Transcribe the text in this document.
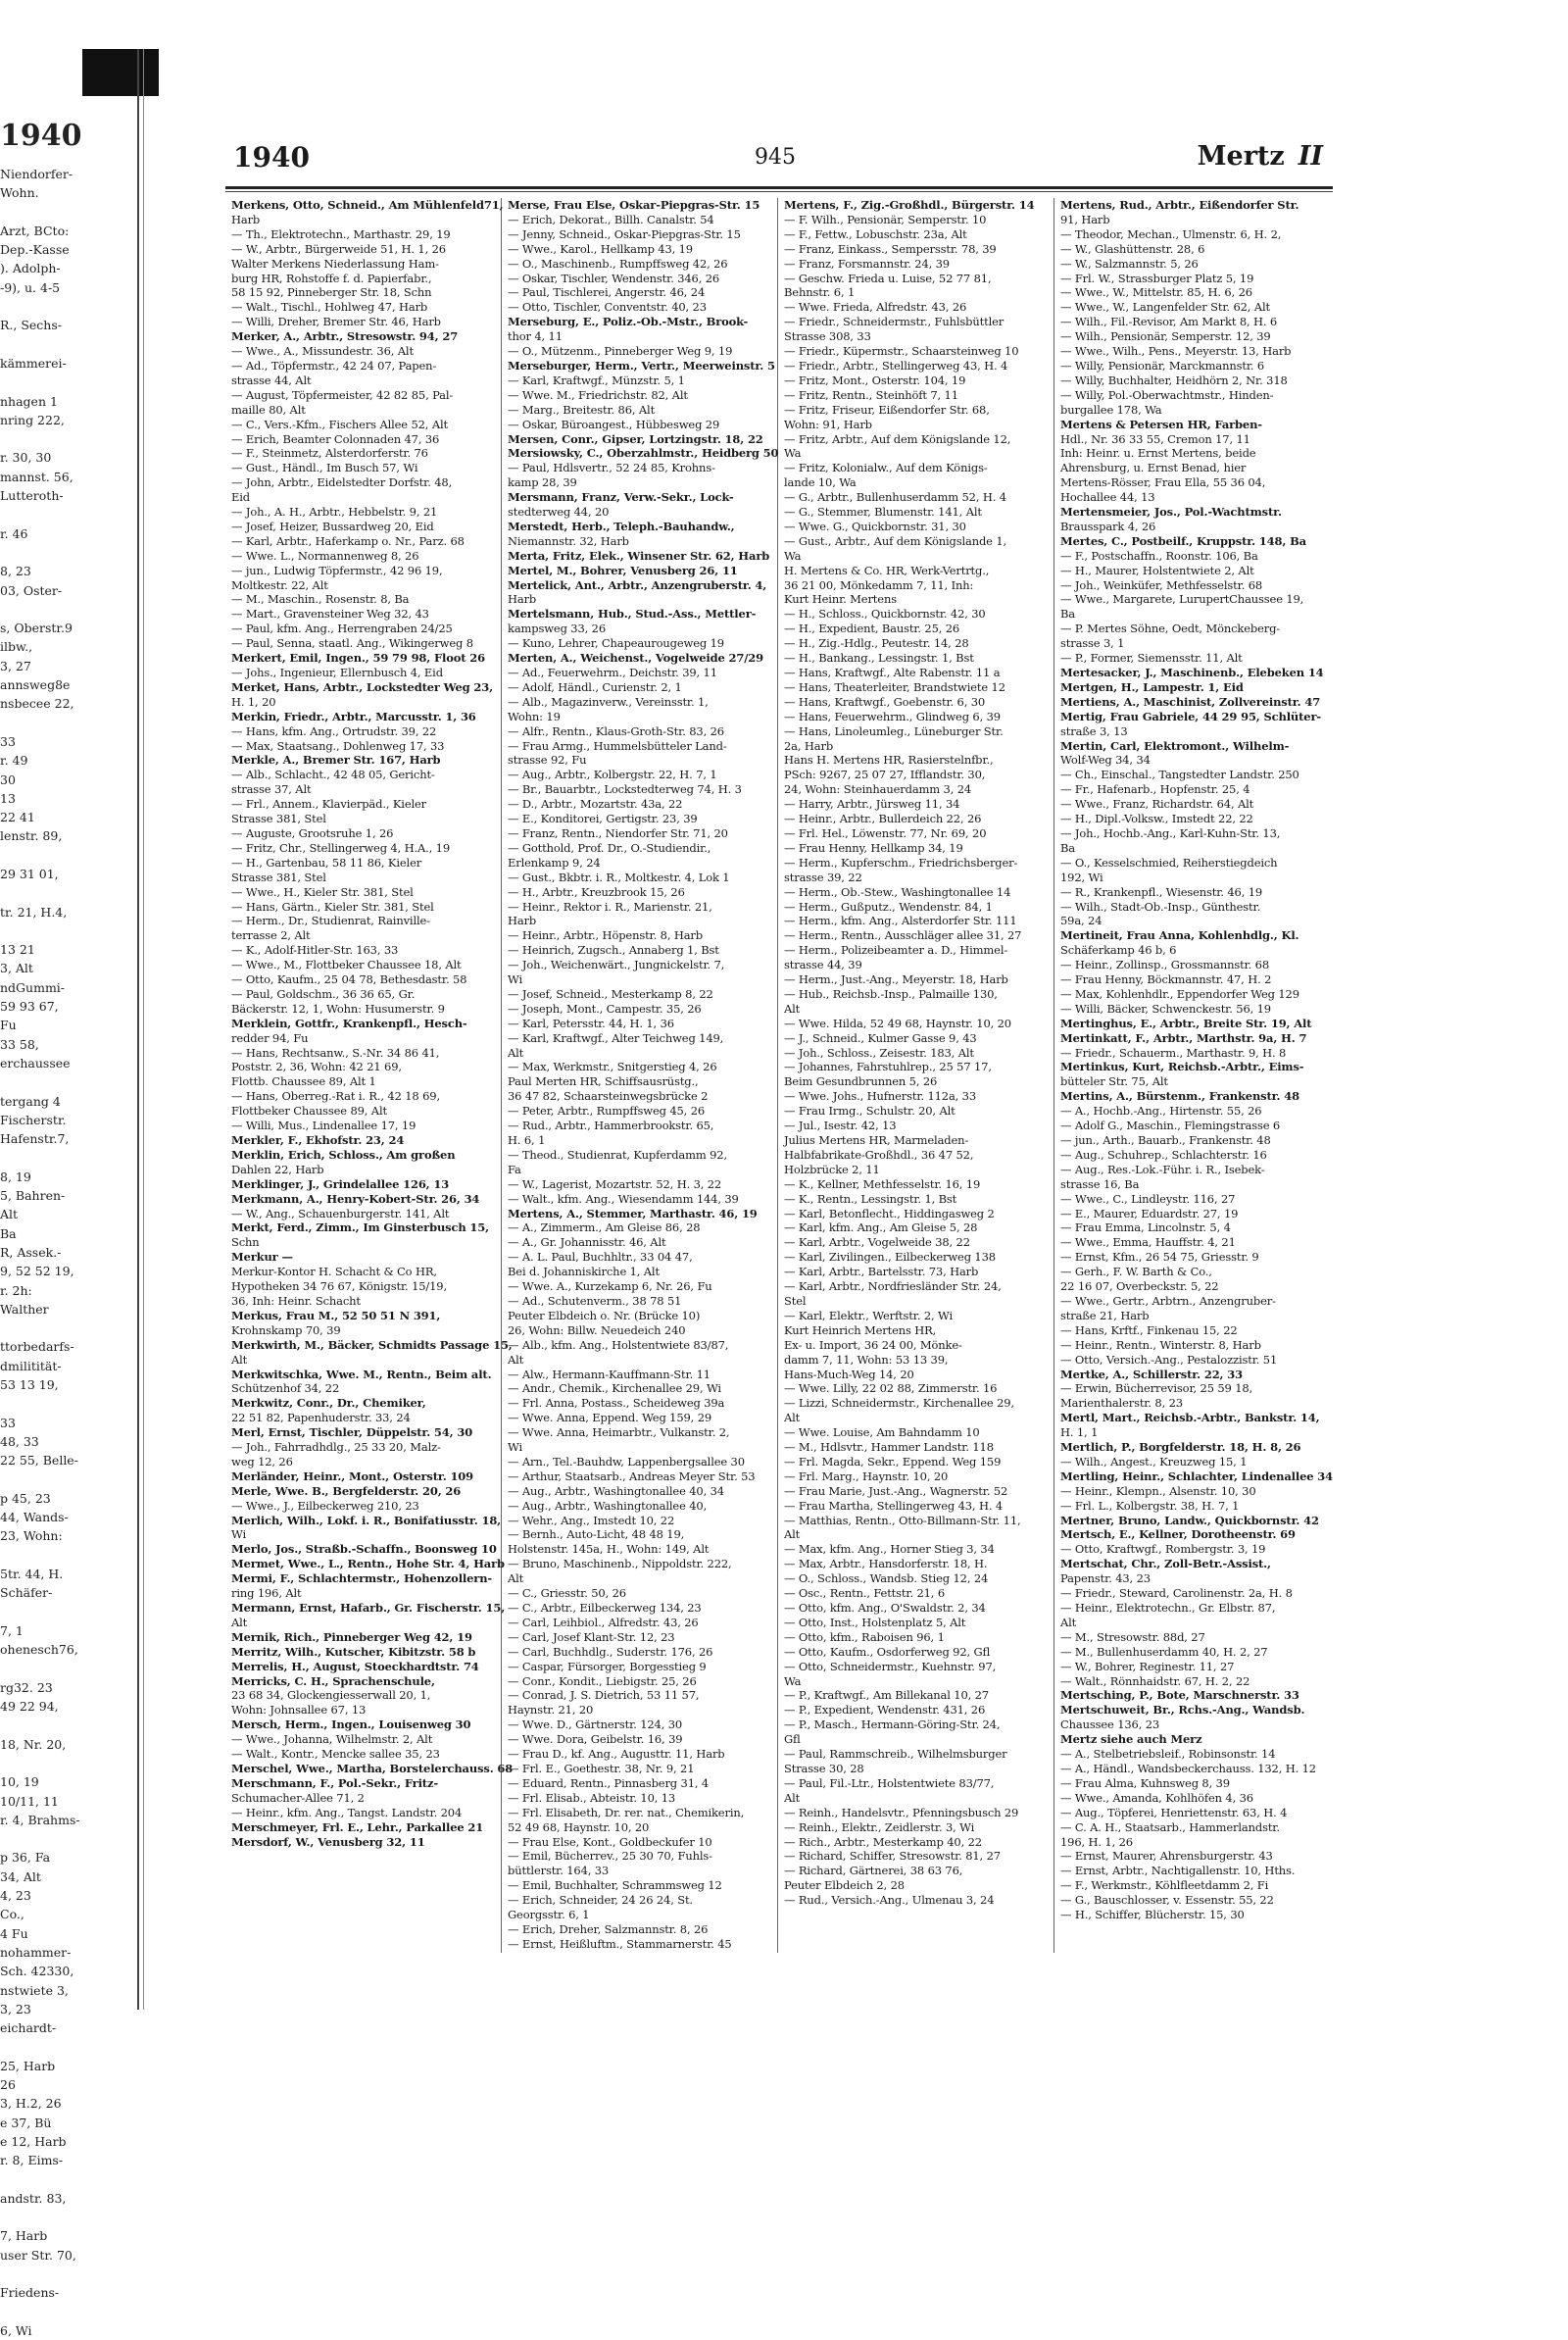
1940
Niendorfer-
Wohn.

Arzt, BCto:
Dep.-Kasse
). Adolph-
-9), u. 4-5

R., Sechs-

kämmerei-

nhagen 1
nring 222,

r. 30, 30
mannst. 56,
Lutteroth-

r. 46

8, 23
03, Oster-

s, Oberstr.9
ilbw.,
3, 27
annsweg8e
nsbecee 22,

33
r. 49
30
13
22 41
lenstr. 89,

29 31 01,

tr. 21, H.4,

13 21
3, Alt
ndGummi-
59 93 67,
Fu
33 58,
erchaussee

tergang 4
Fischerstr.
Hafenstr.7,

8, 19
5, Bahren-
Alt
Ba
R, Assek.-
9, 52 52 19,
r. 2h:
Walther

ttorbedarfs-
dmilitität-
53 13 19,

33
48, 33
22 55, Belle-

p 45, 23
44, Wands-
23, Wohn:

5tr. 44, H.
Schäfer-

7, 1
ohenesch76,

rg32. 23
49 22 94,

18, Nr. 20,

10, 19
10/11, 11
r. 4, Brahms-

p 36, Fa
34, Alt
4, 23
Co.,
4 Fu
nohammer-
Sch. 42330,
nstwiete 3,
3, 23
eichardt-

25, Harb
26
3, H.2, 26
e 37, Bü
e 12, Harb
r. 8, Eims-

andstr. 83,

7, Harb
user Str. 70,

Friedens-

6, Wi
1940	945	Mertz II
Merkens, Otto, Schneid., Am Mühlenfeld71,
Harb
— Th., Elektrotechn., Marthastr. 29, 19
— W., Arbtr., Bürgerweide 51, H. 1, 26
Walter Merkens Niederlassung Ham-
burg HR, Rohstoffe f. d. Papierfabr.,
58 15 92, Pinneberger Str. 18, Schn
— Walt., Tischl., Hohlweg 47, Harb
— Willi, Dreher, Bremer Str. 46, Harb
Merker, A., Arbtr., Stresowstr. 94, 27
— Wwe., A., Missundestr. 36, Alt
— Ad., Töpfermstr., 42 24 07, Papen-
strasse 44, Alt
— August, Töpfermeister, 42 82 85, Pal-
maille 80, Alt
— C., Vers.-Kfm., Fischers Allee 52, Alt
— Erich, Beamter Colonnaden 47, 36
— F., Steinmetz, Alsterdorferstr. 76
— Gust., Händl., Im Busch 57, Wi
— John, Arbtr., Eidelstedter Dorfstr. 48,
Eid
— Joh., A. H., Arbtr., Hebbelstr. 9, 21
— Josef, Heizer, Bussardweg 20, Eid
— Karl, Arbtr., Haferkamp o. Nr., Parz. 68
— Wwe. L., Normannenweg 8, 26
— jun., Ludwig Töpfermstr., 42 96 19,
Moltkestr. 22, Alt
— M., Maschin., Rosenstr. 8, Ba
— Mart., Gravensteiner Weg 32, 43
— Paul, kfm. Ang., Herrengraben 24/25
— Paul, Senna, staatl. Ang., Wikingerweg 8
Merkert, Emil, Ingen., 59 79 98, Floot 26
— Johs., Ingenieur, Ellernbusch 4, Eid
Merket, Hans, Arbtr., Lockstedter Weg 23,
H. 1, 20
Merkin, Friedr., Arbtr., Marcusstr. 1, 36
— Hans, kfm. Ang., Ortrudstr. 39, 22
— Max, Staatsang., Dohlenweg 17, 33
Merkle, A., Bremer Str. 167, Harb
— Alb., Schlacht., 42 48 05, Gericht-
strasse 37, Alt
— Frl., Annem., Klavierpäd., Kieler
Strasse 381, Stel
— Auguste, Grootsruhe 1, 26
— Fritz, Chr., Stellingerweg 4, H.A., 19
— H., Gartenbau, 58 11 86, Kieler
Strasse 381, Stel
— Wwe., H., Kieler Str. 381, Stel
— Hans, Gärtn., Kieler Str. 381, Stel
— Herm., Dr., Studienrat, Rainville-
terrasse 2, Alt
— K., Adolf-Hitler-Str. 163, 33
— Wwe., M., Flottbeker Chaussee 18, Alt
— Otto, Kaufm., 25 04 78, Bethesdastr. 58
— Paul, Goldschm., 36 36 65, Gr.
Bäckerstr. 12, 1, Wohn: Husumerstr. 9
Merklein, Gottfr., Krankenpfl., Hesch-
redder 94, Fu
— Hans, Rechtsanw., S.-Nr. 34 86 41,
Poststr. 2, 36, Wohn: 42 21 69,
Flottb. Chaussee 89, Alt 1
— Hans, Oberreg.-Rat i. R., 42 18 69,
Flottbeker Chaussee 89, Alt
— Willi, Mus., Lindenallee 17, 19
Merkler, F., Ekhofstr. 23, 24
Merklin, Erich, Schloss., Am großen
Dahlen 22, Harb
Merklinger, J., Grindelallee 126, 13
Merkmann, A., Henry-Kobert-Str. 26, 34
— W., Ang., Schauenburgerstr. 141, Alt
Merkt, Ferd., Zimm., Im Ginsterbusch 15,
Schn
Merkur —
Merkur-Kontor H. Schacht & Co HR,
Hypotheken 34 76 67, Königstr. 15/19,
36, Inh: Heinr. Schacht
Merkus, Frau M., 52 50 51 N 391,
Krohnskamp 70, 39
Merkwirth, M., Bäcker, Schmidts Passage 15,
Alt
Merkwitschka, Wwe. M., Rentn., Beim alt.
Schützenhof 34, 22
Merkwitz, Conr., Dr., Chemiker,
22 51 82, Papenhuderstr. 33, 24
Merl, Ernst, Tischler, Düppelstr. 54, 30
— Joh., Fahrradhdlg., 25 33 20, Malz-
weg 12, 26
Merländer, Heinr., Mont., Osterstr. 109
Merle, Wwe. B., Bergfelderstr. 20, 26
— Wwe., J., Eilbeckerweg 210, 23
Merlich, Wilh., Lokf. i. R., Bonifatiusstr. 18,
Wi
Merlo, Jos., Straßb.-Schaffn., Boonsweg 10
Mermet, Wwe., L., Rentn., Hohe Str. 4, Harb
Mermi, F., Schlachtermstr., Hohenzollern-
ring 196, Alt
Mermann, Ernst, Hafarb., Gr. Fischerstr. 15,
Alt
Mernik, Rich., Pinneberger Weg 42, 19
Merritz, Wilh., Kutscher, Kibitzstr. 58 b
Merrelis, H., August, Stoeckhardtstr. 74
Merricks, C. H., Sprachenschule,
23 68 34, Glockengiesserwall 20, 1,
Wohn: Johnsallee 67, 13
Mersch, Herm., Ingen., Louisenweg 30
— Wwe., Johanna, Wilhelmstr. 2, Alt
— Walt., Kontr., Mencke sallee 35, 23
Merschel, Wwe., Martha, Borstelerchauss. 68
Merschmann, F., Pol.-Sekr., Fritz-
Schumacher-Allee 71, 2
— Heinr., kfm. Ang., Tangst. Landstr. 204
Merschmeyer, Frl. E., Lehr., Parkallee 21
Mersdorf, W., Venusberg 32, 11
Merse, Frau Else, Oskar-Piepgras-Str. 15
— Erich, Dekorat., Billh. Canalstr. 54
— Jenny, Schneid., Oskar-Piepgras-Str. 15
— Wwe., Karol., Hellkamp 43, 19
— O., Maschinenb., Rumpffsweg 42, 26
— Oskar, Tischler, Wendenstr. 346, 26
— Paul, Tischlerei, Angerstr. 46, 24
— Otto, Tischler, Conventstr. 40, 23
Merseburg, E., Poliz.-Ob.-Mstr., Brook-
thor 4, 11
— O., Mützenm., Pinneberger Weg 9, 19
Merseburger, Herm., Vertr., Meerweinstr. 5
— Karl, Kraftwgf., Münzstr. 5, 1
— Wwe. M., Friedrichstr. 82, Alt
— Marg., Breitestr. 86, Alt
— Oskar, Büroangest., Hübbesweg 29
Mersen, Conr., Gipser, Lortzingstr. 18, 22
Mersiowsky, C., Oberzahlmstr., Heidberg 50
— Paul, Hdlsvertr., 52 24 85, Krohns-
kamp 28, 39
Mersmann, Franz, Verw.-Sekr., Lock-
stedterweg 44, 20
Merstedt, Herb., Teleph.-Bauhandw.,
Niemannstr. 32, Harb
Merta, Fritz, Elek., Winsener Str. 62, Harb
Mertel, M., Bohrer, Venusberg 26, 11
Mertelick, Ant., Arbtr., Anzengruberstr. 4,
Harb
Mertelsmann, Hub., Stud.-Ass., Mettler-
kampsweg 33, 26
— Kuno, Lehrer, Chapeaurougeweg 19
Merten, A., Weichenst., Vogelweide 27/29
— Ad., Feuerwehrm., Deichstr. 39, 11
— Adolf, Händl., Curienstr. 2, 1
— Alb., Magazinverw., Vereinsstr. 1,
Wohn: 19
— Alfr., Rentn., Klaus-Groth-Str. 83, 26
— Frau Armg., Hummelsbütteler Land-
strasse 92, Fu
— Aug., Arbtr., Kolbergstr. 22, H. 7, 1
— Br., Bauarbtr., Lockstedterweg 74, H. 3
— D., Arbtr., Mozartstr. 43a, 22
— E., Konditorei, Gertigstr. 23, 39
— Franz, Rentn., Niendorfer Str. 71, 20
— Gotthold, Prof. Dr., O.-Studiendir.,
Erlenkamp 9, 24
— Gust., Bkbtr. i. R., Moltkestr. 4, Lok 1
— H., Arbtr., Kreuzbrook 15, 26
— Heinr., Rektor i. R., Marienstr. 21,
Harb
— Heinr., Arbtr., Höpenstr. 8, Harb
— Heinrich, Zugsch., Annaberg 1, Bst
— Joh., Weichenwärt., Jungnickelstr. 7,
Wi
— Josef, Schneid., Mesterkamp 8, 22
— Joseph, Mont., Campestr. 35, 26
— Karl, Petersstr. 44, H. 1, 36
— Karl, Kraftwgf., Alter Teichweg 149,
Alt
— Max, Werkmstr., Snitgerstieg 4, 26
Paul Merten HR, Schiffsausrüstg.,
36 47 82, Schaarsteinwegsbrücke 2
— Peter, Arbtr., Rumpffsweg 45, 26
— Rud., Arbtr., Hammerbrookstr. 65,
H. 6, 1
— Theod., Studienrat, Kupferdamm 92,
Fa
— W., Lagerist, Mozartstr. 52, H. 3, 22
— Walt., kfm. Ang., Wiesendamm 144, 39
Mertens, A., Stemmer, Marthastr. 46, 19
— A., Zimmerm., Am Gleise 86, 28
— A., Gr. Johannisstr. 46, Alt
— A. L. Paul, Buchhltr., 33 04 47,
Bei d. Johanniskirche 1, Alt
— Wwe. A., Kurzekamp 6, Nr. 26, Fu
— Ad., Schutenverm., 38 78 51
Peuter Elbdeich o. Nr. (Brücke 10)
26, Wohn: Billw. Neuedeich 240
— Alb., kfm. Ang., Holstentwiete 83/87,
Alt
— Alw., Hermann-Kauffmann-Str. 11
— Andr., Chemik., Kirchenallee 29, Wi
— Frl. Anna, Postass., Scheideweg 39a
— Wwe. Anna, Eppend. Weg 159, 29
— Wwe. Anna, Heimarbtr., Vulkanstr. 2,
Wi
— Arn., Tel.-Bauhdw, Lappenbergsallee 30
— Arthur, Staatsarb., Andreas Meyer Str. 53
— Aug., Arbtr., Washingtonallee 40, 34
— Aug., Arbtr., Washingtonallee 40,
— Wehr., Ang., Imstedt 10, 22
— Bernh., Auto-Licht, 48 48 19,
Holstenstr. 145a, H., Wohn: 149, Alt
— Bruno, Maschinenb., Nippoldstr. 222,
Alt
— C., Griesstr. 50, 26
— C., Arbtr., Eilbeckerweg 134, 23
— Carl, Leihbiol., Alfredstr. 43, 26
— Carl, Josef Klant-Str. 12, 23
— Carl, Buchhdlg., Suderstr. 176, 26
— Caspar, Fürsorger, Borgesstieg 9
— Conr., Kondit., Liebigstr. 25, 26
— Conrad, J. S. Dietrich, 53 11 57,
Haynstr. 21, 20
— Wwe. D., Gärtnerstr. 124, 30
— Wwe. Dora, Geibelstr. 16, 39
— Frau D., kf. Ang., Augusttr. 11, Harb
— Frl. E., Goethestr. 38, Nr. 9, 21
— Eduard, Rentn., Pinnasberg 31, 4
— Frl. Elisab., Abteistr. 10, 13
— Frl. Elisabeth, Dr. rer. nat., Chemikerin,
52 49 68, Haynstr. 10, 20
— Frau Else, Kont., Goldbeckufer 10
— Emil, Bücherrev., 25 30 70, Fuhls-
büttlerstr. 164, 33
— Emil, Buchhalter, Schrammsweg 12
— Erich, Schneider, 24 26 24, St.
Georgsstr. 6, 1
— Erich, Dreher, Salzmannstr. 8, 26
— Ernst, Heißluftm., Stammarnerstr. 45
Mertens, F., Zig.-Großhdl., Bürgerstr. 14
— F. Wilh., Pensionär, Semperstr. 10
— F., Fettw., Lobuschstr. 23a, Alt
— Franz, Einkass., Sempersstr. 78, 39
— Franz, Forsmannstr. 24, 39
— Geschw. Frieda u. Luise, 52 77 81,
Behnstr. 6, 1
— Wwe. Frieda, Alfredstr. 43, 26
— Friedr., Schneidermstr., Fuhlsbüttler
Strasse 308, 33
— Friedr., Küpermstr., Schaarsteinweg 10
— Friedr., Arbtr., Stellingerweg 43, H. 4
— Fritz, Mont., Osterstr. 104, 19
— Fritz, Rentn., Steinhöft 7, 11
— Fritz, Friseur, Eißendorfer Str. 68,
Wohn: 91, Harb
— Fritz, Arbtr., Auf dem Königslande 12,
Wa
— Fritz, Kolonialw., Auf dem Königs-
lande 10, Wa
— G., Arbtr., Bullenhuserdamm 52, H. 4
— G., Stemmer, Blumenstr. 141, Alt
— Wwe. G., Quickbornstr. 31, 30
— Gust., Arbtr., Auf dem Königslande 1,
Wa
H. Mertens & Co. HR, Werk-Vertrtg.,
36 21 00, Mönkedamm 7, 11, Inh:
Kurt Heinr. Mertens
— H., Schloss., Quickbornstr. 42, 30
— H., Expedient, Baustr. 25, 26
— H., Zig.-Hdlg., Peutestr. 14, 28
— H., Bankang., Lessingstr. 1, Bst
— Hans, Kraftwgf., Alte Rabenstr. 11 a
— Hans, Theaterleiter, Brandstwiete 12
— Hans, Kraftwgf., Goebenstr. 6, 30
— Hans, Feuerwehrm., Glindweg 6, 39
— Hans, Linoleumleg., Lüneburger Str.
2a, Harb
Hans H. Mertens HR, Rasierstelnfbr.,
PSch: 9267, 25 07 27, Ifflandstr. 30,
24, Wohn: Steinhauerdamm 3, 24
— Harry, Arbtr., Jürsweg 11, 34
— Heinr., Arbtr., Bullerdeich 22, 26
— Frl. Hel., Löwenstr. 77, Nr. 69, 20
— Frau Henny, Hellkamp 34, 19
— Herm., Kupferschm., Friedrichsberger-
strasse 39, 22
— Herm., Ob.-Stew., Washingtonallee 14
— Herm., Gußputz., Wendenstr. 84, 1
— Herm., kfm. Ang., Alsterdorfer Str. 111
— Herm., Rentn., Ausschläger allee 31, 27
— Herm., Polizeibeamter a. D., Himmel-
strasse 44, 39
— Herm., Just.-Ang., Meyerstr. 18, Harb
— Hub., Reichsb.-Insp., Palmaille 130,
Alt
— Wwe. Hilda, 52 49 68, Haynstr. 10, 20
— J., Schneid., Kulmer Gasse 9, 43
— Joh., Schloss., Zeisestr. 183, Alt
— Johannes, Fahrstuhlrep., 25 57 17,
Beim Gesundbrunnen 5, 26
— Wwe. Johs., Hufnerstr. 112a, 33
— Frau Irmg., Schulstr. 20, Alt
— Jul., Isestr. 42, 13
Julius Mertens HR, Marmeladen-
Halbfabrikate-Großhdl., 36 47 52,
Holzbrücke 2, 11
— K., Kellner, Methfesselstr. 16, 19
— K., Rentn., Lessingstr. 1, Bst
— Karl, Betonflecht., Hiddingasweg 2
— Karl, kfm. Ang., Am Gleise 5, 28
— Karl, Arbtr., Vogelweide 38, 22
— Karl, Zivilingen., Eilbeckerweg 138
— Karl, Arbtr., Bartelsstr. 73, Harb
— Karl, Arbtr., Nordfriesländer Str. 24,
Stel
— Karl, Elektr., Werftstr. 2, Wi
Kurt Heinrich Mertens HR,
Ex- u. Import, 36 24 00, Mönke-
damm 7, 11, Wohn: 53 13 39,
Hans-Much-Weg 14, 20
— Wwe. Lilly, 22 02 88, Zimmerstr. 16
— Lizzi, Schneidermstr., Kirchenallee 29,
Alt
— Wwe. Louise, Am Bahndamm 10
— M., Hdlsvtr., Hammer Landstr. 118
— Frl. Magda, Sekr., Eppend. Weg 159
— Frl. Marg., Haynstr. 10, 20
— Frau Marie, Just.-Ang., Wagnerstr. 52
— Frau Martha, Stellingerweg 43, H. 4
— Matthias, Rentn., Otto-Billmann-Str. 11,
Alt
— Max, kfm. Ang., Horner Stieg 3, 34
— Max, Arbtr., Hansdorferstr. 18, H.
— O., Schloss., Wandsb. Stieg 12, 24
— Osc., Rentn., Fettstr. 21, 6
— Otto, kfm. Ang., O'Swaldstr. 2, 34
— Otto, Inst., Holstenplatz 5, Alt
— Otto, kfm., Raboisen 96, 1
— Otto, Kaufm., Osdorferweg 92, Gfl
— Otto, Schneidermstr., Kuehnstr. 97,
Wa
— P., Kraftwgf., Am Billekanal 10, 27
— P., Expedient, Wendenstr. 431, 26
— P., Masch., Hermann-Göring-Str. 24,
Gfl
— Paul, Rammschreib., Wilhelmsburger
Strasse 30, 28
— Paul, Fil.-Ltr., Holstentwiete 83/77,
Alt
— Reinh., Handelsvtr., Pfenningsbusch 29
— Reinh., Elektr., Zeidlerstr. 3, Wi
— Rich., Arbtr., Mesterkamp 40, 22
— Richard, Schiffer, Stresowstr. 81, 27
— Richard, Gärtnerei, 38 63 76,
Peuter Elbdeich 2, 28
— Rud., Versich.-Ang., Ulmenau 3, 24
Mertens, Rud., Arbtr., Eißendorfer Str.
91, Harb
— Theodor, Mechan., Ulmenstr. 6, H. 2,
— W., Glashüttenstr. 28, 6
— W., Salzmannstr. 5, 26
— Frl. W., Strassburger Platz 5, 19
— Wwe., W., Mittelstr. 85, H. 6, 26
— Wwe., W., Langenfelder Str. 62, Alt
— Wilh., Fil.-Revisor, Am Markt 8, H. 6
— Wilh., Pensionär, Semperstr. 12, 39
— Wwe., Wilh., Pens., Meyerstr. 13, Harb
— Willy, Pensionär, Marckmannstr. 6
— Willy, Buchhalter, Heidhörn 2, Nr. 318
— Willy, Pol.-Oberwachtmstr., Hinden-
burgallee 178, Wa
Mertens & Petersen HR, Farben-
Hdl., Nr. 36 33 55, Cremon 17, 11
Inh: Heinr. u. Ernst Mertens, beide
Ahrensburg, u. Ernst Benad, hier
Mertens-Rösser, Frau Ella, 55 36 04,
Hochallee 44, 13
Mertensmeier, Jos., Pol.-Wachtmstr.
Brausspark 4, 26
Mertes, C., Postbeilf., Kruppstr. 148, Ba
— F., Postschaffn., Roonstr. 106, Ba
— H., Maurer, Holstentwiete 2, Alt
— Joh., Weinküfer, Methfesselstr. 68
— Wwe., Margarete, LurupertChaussee 19,
Ba
— P. Mertes Söhne, Oedt, Mönckeberg-
strasse 3, 1
— P., Former, Siemensstr. 11, Alt
Mertesacker, J., Maschinenb., Elebeken 14
Mertgen, H., Lampestr. 1, Eid
Mertiens, A., Maschinist, Zollvereinstr. 47
Mertig, Frau Gabriele, 44 29 95, Schlüter-
straße 3, 13
Mertin, Carl, Elektromont., Wilhelm-
Wolf-Weg 34, 34
— Ch., Einschal., Tangstedter Landstr. 250
— Fr., Hafenarb., Hopfenstr. 25, 4
— Wwe., Franz, Richardstr. 64, Alt
— H., Dipl.-Volksw., Imstedt 22, 22
— Joh., Hochb.-Ang., Karl-Kuhn-Str. 13,
Ba
— O., Kesselschmied, Reiherstiegdeich
192, Wi
— R., Krankenpfl., Wiesenstr. 46, 19
— Wilh., Stadt-Ob.-Insp., Günthestr.
59a, 24
Mertineit, Frau Anna, Kohlenhdlg., Kl.
Schäferkamp 46 b, 6
— Heinr., Zollinsp., Grossmannstr. 68
— Frau Henny, Böckmannstr. 47, H. 2
— Max, Kohlenhdlr., Eppendorfer Weg 129
— Willi, Bäcker, Schwenckestr. 56, 19
Mertinghus, E., Arbtr., Breite Str. 19, Alt
Mertinkatt, F., Arbtr., Marthstr. 9a, H. 7
— Friedr., Schauerm., Marthastr. 9, H. 8
Mertinkus, Kurt, Reichsb.-Arbtr., Eims-
bütteler Str. 75, Alt
Mertins, A., Bürstenm., Frankenstr. 48
— A., Hochb.-Ang., Hirtenstr. 55, 26
— Adolf G., Maschin., Flemingstrasse 6
— jun., Arth., Bauarb., Frankenstr. 48
— Aug., Schuhrep., Schlachterstr. 16
— Aug., Res.-Lok.-Führ. i. R., Isebek-
strasse 16, Ba
— Wwe., C., Lindleystr. 116, 27
— E., Maurer, Eduardstr. 27, 19
— Frau Emma, Lincolnstr. 5, 4
— Wwe., Emma, Hauffstr. 4, 21
— Ernst, Kfm., 26 54 75, Griesstr. 9
— Gerh., F. W. Barth & Co.,
22 16 07, Overbeckstr. 5, 22
— Wwe., Gertr., Arbtrn., Anzengruber-
straße 21, Harb
— Hans, Krftf., Finkenau 15, 22
— Heinr., Rentn., Winterstr. 8, Harb
— Otto, Versich.-Ang., Pestalozzistr. 51
Mertke, A., Schillerstr. 22, 33
— Erwin, Bücherrevisor, 25 59 18,
Marienthalerstr. 8, 23
Mertl, Mart., Reichsb.-Arbtr., Bankstr. 14,
H. 1, 1
Mertlich, P., Borgfelderstr. 18, H. 8, 26
— Wilh., Angest., Kreuzweg 15, 1
Mertling, Heinr., Schlachter, Lindenallee 34
— Heinr., Klempn., Alsenstr. 10, 30
— Frl. L., Kolbergstr. 38, H. 7, 1
Mertner, Bruno, Landw., Quickbornstr. 42
Mertsch, E., Kellner, Dorotheenstr. 69
— Otto, Kraftwgf., Rombergstr. 3, 19
Mertschat, Chr., Zoll-Betr.-Assist.,
Papenstr. 43, 23
— Friedr., Steward, Carolinenstr. 2a, H. 8
— Heinr., Elektrotechn., Gr. Elbstr. 87,
Alt
— M., Stresowstr. 88d, 27
— M., Bullenhuserdamm 40, H. 2, 27
— W., Bohrer, Reginestr. 11, 27
— Walt., Rönnhaidstr. 67, H. 2, 22
Mertsching, P., Bote, Marschnerstr. 33
Mertschuweit, Br., Rchs.-Ang., Wandsb.
Chaussee 136, 23
Mertz siehe auch Merz
— A., Stelbetriebsleif., Robinsonstr. 14
— A., Händl., Wandsbeckerchauss. 132, H. 12
— Frau Alma, Kuhnsweg 8, 39
— Wwe., Amanda, Kohlhöfen 4, 36
— Aug., Töpferei, Henriettenstr. 63, H. 4
— C. A. H., Staatsarb., Hammerlandstr.
196, H. 1, 26
— Ernst, Maurer, Ahrensburgerstr. 43
— Ernst, Arbtr., Nachtigallenstr. 10, Hths.
— F., Werkmstr., Köhlfleetdamm 2, Fi
— G., Bauschlosser, v. Essenstr. 55, 22
— H., Schiffer, Blücherstr. 15, 30
